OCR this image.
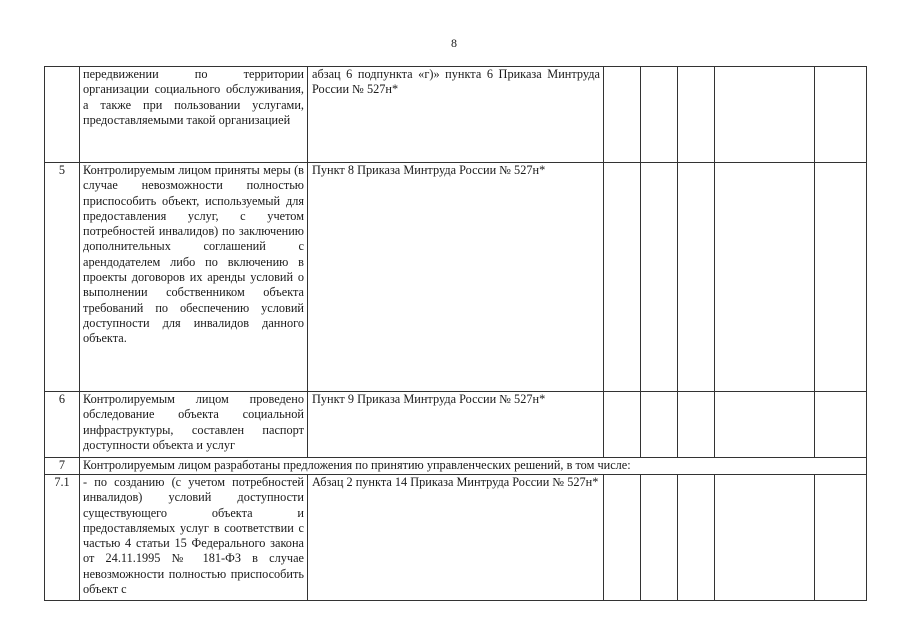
8
	передвижении по территории организации социального обслуживания, а также при пользовании услугами, предоставляемыми такой организацией	абзац 6 подпункта «г)» пункта 6 Приказа Минтруда России № 527н*					
5	Контролируемым лицом приняты меры (в случае невозможности полностью приспособить объект, используемый для предоставления услуг, с учетом потребностей инвалидов) по заключению дополнительных соглашений с арендодателем либо по включению в проекты договоров их аренды условий о выполнении собственником объекта требований по обеспечению условий доступности для инвалидов данного объекта.	Пункт 8 Приказа Минтруда России № 527н*					
6	Контролируемым лицом проведено обследование объекта социальной инфраструктуры, составлен паспорт доступности объекта и услуг	Пункт 9 Приказа Минтруда России № 527н*					
7	Контролируемым лицом разработаны предложения по принятию управленческих решений, в том числе:						
7.1	- по созданию (с учетом потребностей инвалидов) условий доступности существующего объекта и предоставляемых услуг в соответствии с частью 4 статьи 15 Федерального закона от 24.11.1995 № 181-ФЗ в случае невозможности полностью приспособить объект с	Абзац 2 пункта 14 Приказа Минтруда России № 527н*					
